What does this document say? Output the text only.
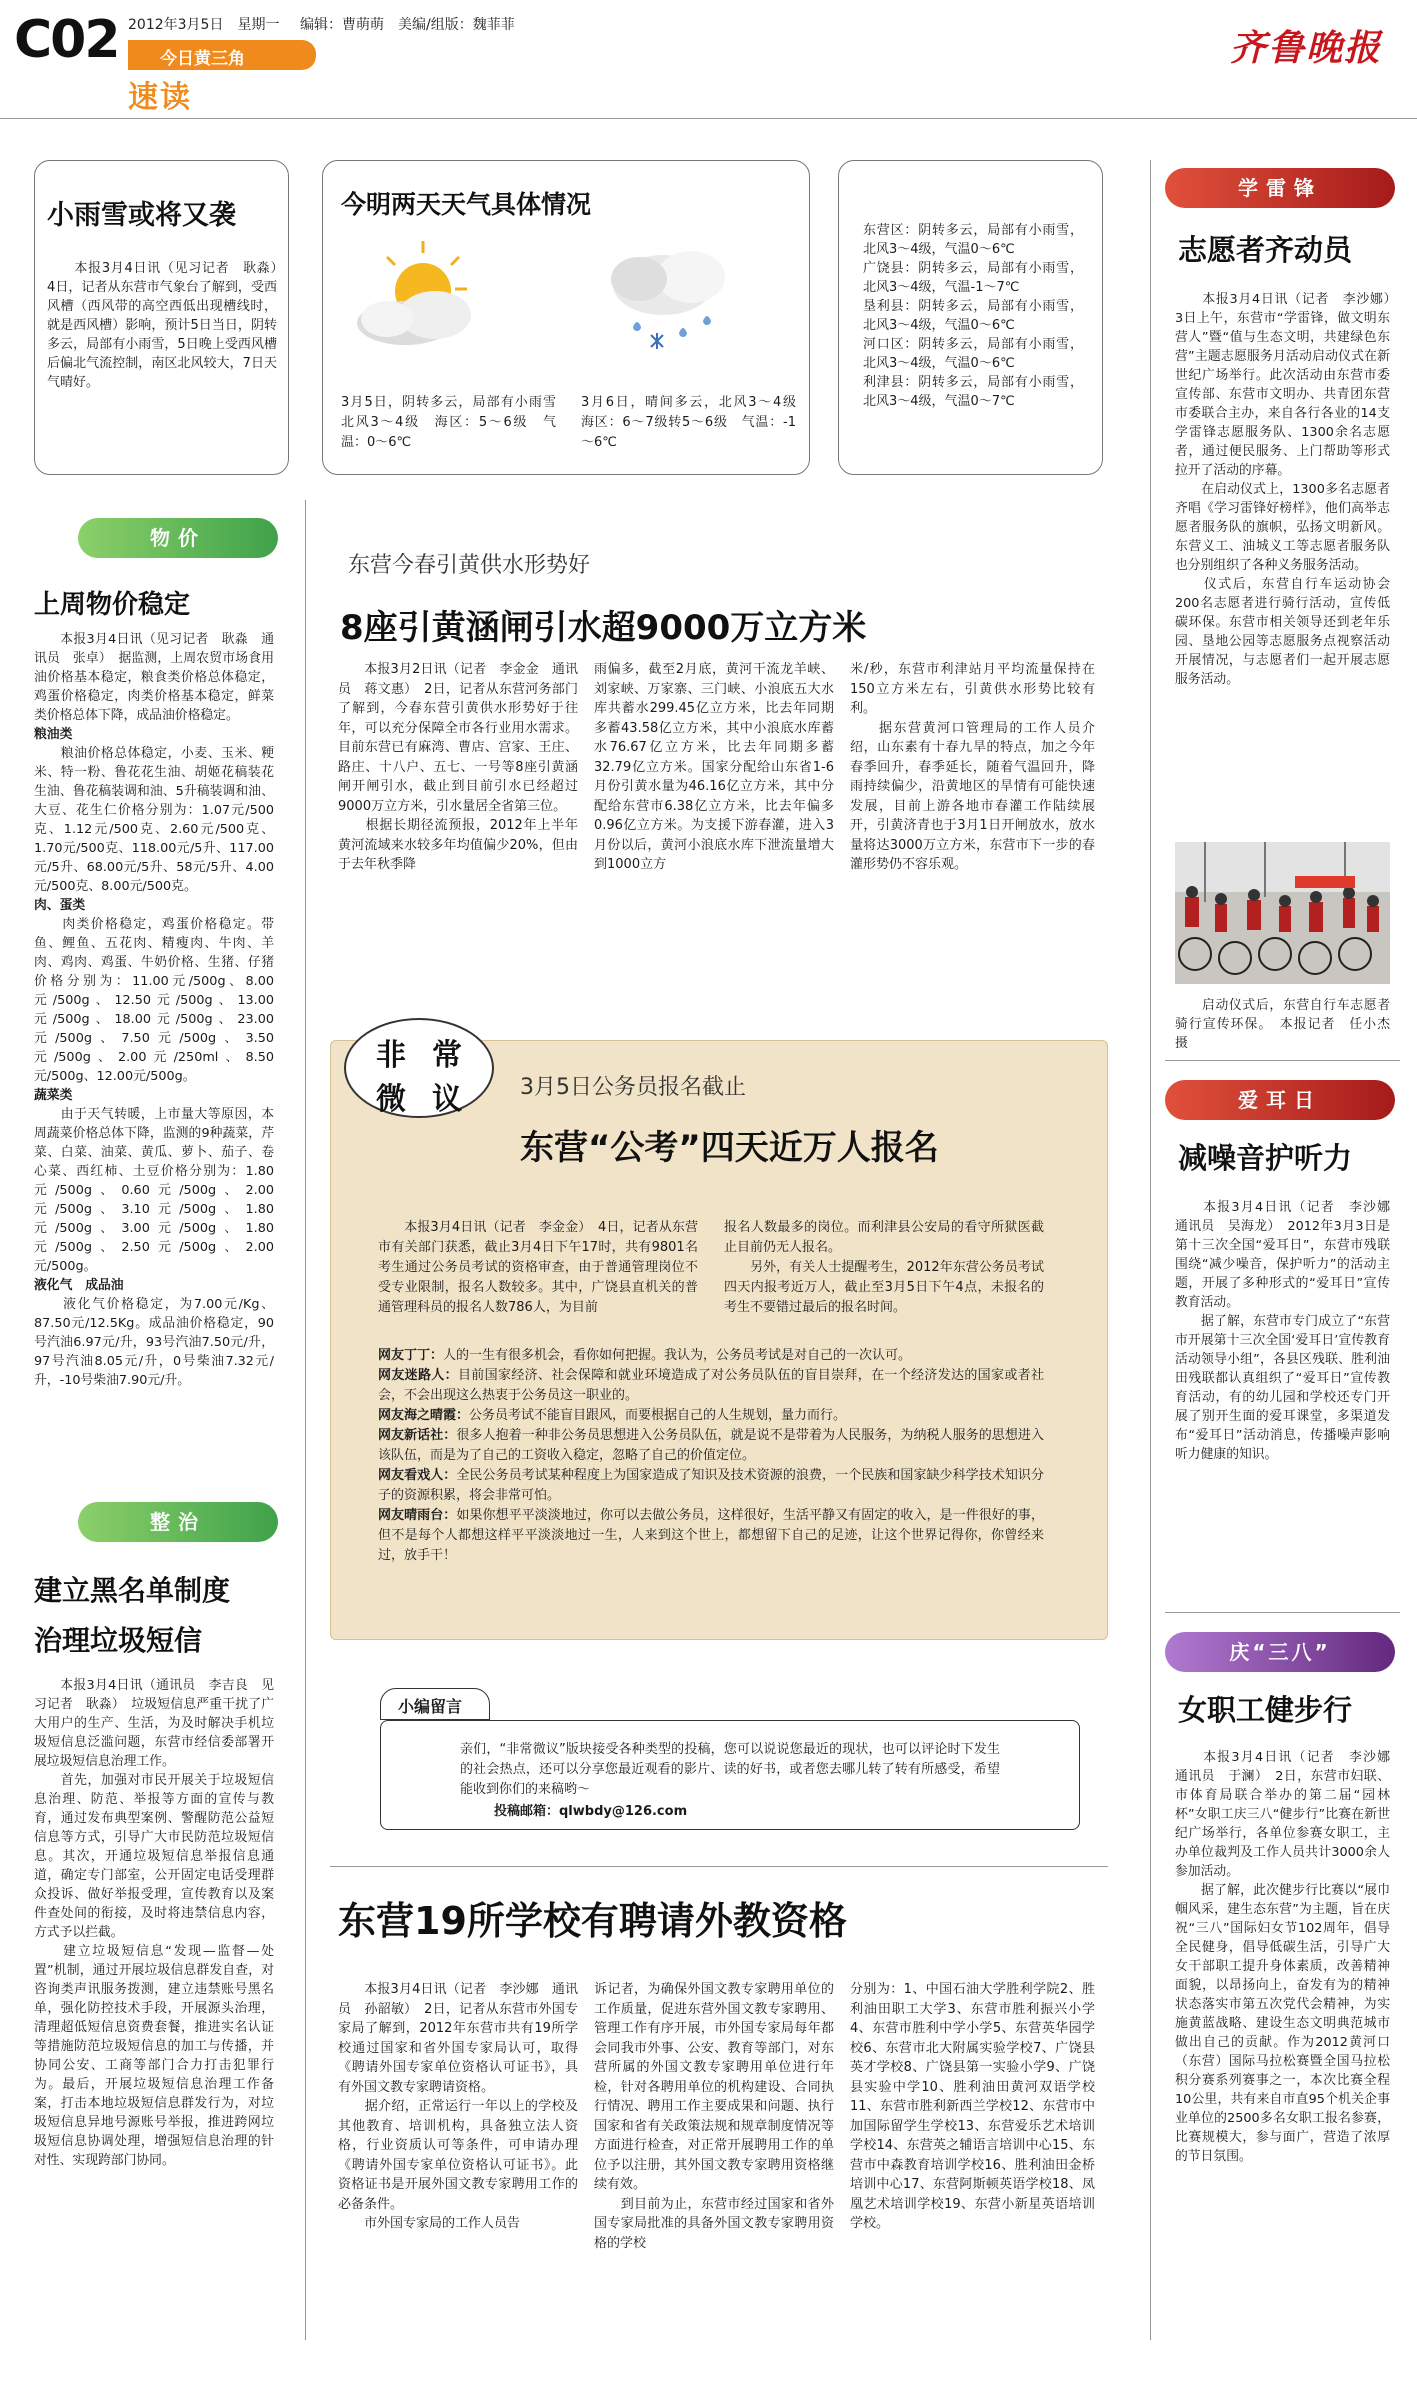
C02 2012年3月5日　星期一 编辑：曹萌萌　美编/组版：魏菲菲
今日黄三角
速读
齐鲁晚报
小雨雪或将又袭
　　本报3月4日讯（见习记者　耿淼）　4日，记者从东营市气象台了解到，受西风槽（西风带的高空西低出现槽线时，就是西风槽）影响，预计5日当日，阴转多云，局部有小雨雪，5日晚上受西风槽后偏北气流控制，南区北风较大，7日天气晴好。
今明两天天气具体情况
3月5日，阴转多云，局部有小雨雪　北风3～4级　海区：5～6级　气温：0～6℃
3月6日，晴间多云，北风3～4级　海区：6～7级转5～6级　气温：-1～6℃
东营区：阴转多云，局部有小雨雪，北风3～4级，气温0～6℃
广饶县：阴转多云，局部有小雨雪，北风3～4级，气温-1～7℃
垦利县：阴转多云，局部有小雨雪，北风3～4级，气温0～6℃
河口区：阴转多云，局部有小雨雪，北风3～4级，气温0～6℃
利津县：阴转多云，局部有小雨雪，北风3～4级，气温0～7℃
学雷锋
志愿者齐动员
　　本报3月4日讯（记者　李沙娜）　3日上午，东营市“学雷锋，做文明东营人”暨“值与生态文明，共建绿色东营”主题志愿服务月活动启动仪式在新世纪广场举行。此次活动由东营市委宣传部、东营市文明办、共青团东营市委联合主办，来自各行各业的14支学雷锋志愿服务队、1300余名志愿者，通过便民服务、上门帮助等形式拉开了活动的序幕。
　　在启动仪式上，1300多名志愿者齐唱《学习雷锋好榜样》，他们高举志愿者服务队的旗帜，弘扬文明新风。东营义工、油城义工等志愿者服务队也分别组织了各种义务服务活动。
　　仪式后，东营自行车运动协会200名志愿者进行骑行活动，宣传低碳环保。东营市相关领导还到老年乐园、垦地公园等志愿服务点视察活动开展情况，与志愿者们一起开展志愿服务活动。
　　启动仪式后，东营自行车志愿者骑行宣传环保。　本报记者　任小杰　摄
爱耳日
减噪音护听力
　　本报3月4日讯（记者　李沙娜　通讯员　吴海龙）　2012年3月3日是第十三次全国“爱耳日”，东营市残联围绕“减少噪音，保护听力”的活动主题，开展了多种形式的“爱耳日”宣传教育活动。
　　据了解，东营市专门成立了“东营市开展第十三次全国‘爱耳日’宣传教育活动领导小组”，各县区残联、胜利油田残联都认真组织了“爱耳日”宣传教育活动，有的幼儿园和学校还专门开展了别开生面的爱耳课堂，多渠道发布“爱耳日”活动消息，传播噪声影响听力健康的知识。
庆“三八”
女职工健步行
　　本报3月4日讯（记者　李沙娜　通讯员　于澜）　2日，东营市妇联、市体育局联合举办的第二届“园林杯”女职工庆三八“健步行”比赛在新世纪广场举行，各单位参赛女职工，主办单位裁判及工作人员共计3000余人参加活动。
　　据了解，此次健步行比赛以“展巾帼风采，建生态东营”为主题，旨在庆祝“三八”国际妇女节102周年，倡导全民健身，倡导低碳生活，引导广大女干部职工提升身体素质，改善精神面貌，以昂扬向上，奋发有为的精神状态落实市第五次党代会精神，为实施黄蓝战略、建设生态文明典范城市做出自己的贡献。作为2012黄河口（东营）国际马拉松赛暨全国马拉松积分赛系列赛事之一，本次比赛全程10公里，共有来自市直95个机关企事业单位的2500多名女职工报名参赛，比赛规模大，参与面广，营造了浓厚的节日氛围。
物价
上周物价稳定
　　本报3月4日讯（见习记者　耿淼　通讯员　张卓）　据监测，上周农贸市场食用油价格基本稳定，粮食类价格总体稳定，鸡蛋价格稳定，肉类价格基本稳定，鲜菜类价格总体下降，成品油价格稳定。
粮油类
　　粮油价格总体稳定，小麦、玉米、粳米、特一粉、鲁花花生油、胡姬花稿装花生油、鲁花稿装调和油、5升稿装调和油、大豆、花生仁价格分别为：1.07元/500克、1.12元/500克、2.60元/500克、1.70元/500克、118.00元/5升、117.00元/5升、68.00元/5升、58元/5升、4.00元/500克、8.00元/500克。
肉、蛋类
　　肉类价格稳定，鸡蛋价格稳定。带鱼、鲤鱼、五花肉、精瘦肉、牛肉、羊肉、鸡肉、鸡蛋、牛奶价格、生猪、仔猪价格分别为：11.00元/500g、8.00元/500g、12.50元/500g、13.00元/500g、18.00元/500g、23.00元/500g、7.50元/500g、3.50元/500g、2.00元/250ml、8.50元/500g、12.00元/500g。
蔬菜类
　　由于天气转暖，上市量大等原因，本周蔬菜价格总体下降，监测的9种蔬菜，芹菜、白菜、油菜、黄瓜、萝卜、茄子、卷心菜、西红柿、土豆价格分别为：1.80元/500g、0.60元/500g、2.00元/500g、3.10元/500g、1.80元/500g、3.00元/500g、1.80元/500g、2.50元/500g、2.00元/500g。
液化气　成品油
　　液化气价格稳定，为7.00元/Kg、87.50元/12.5Kg。成品油价格稳定，90号汽油6.97元/升，93号汽油7.50元/升，97号汽油8.05元/升，0号柴油7.32元/升，-10号柴油7.90元/升。
整治
建立黑名单制度
治理垃圾短信
　　本报3月4日讯（通讯员　李吉良　见习记者　耿淼）　垃圾短信息严重干扰了广大用户的生产、生活，为及时解决手机垃圾短信息泛滥问题，东营市经信委部署开展垃圾短信息治理工作。
　　首先，加强对市民开展关于垃圾短信息治理、防范、举报等方面的宣传与教育，通过发布典型案例、警醒防范公益短信息等方式，引导广大市民防范垃圾短信息。其次，开通垃圾短信息举报信息通道，确定专门部室，公开固定电话受理群众投诉、做好举报受理，宣传教育以及案件查处间的衔接，及时将违禁信息内容，方式予以拦截。
　　建立垃圾短信息“发现—监督—处置”机制，通过开展垃圾信息群发自查，对咨询类声讯服务拨测，建立违禁账号黑名单，强化防控技术手段，开展源头治理，清理超低短信息资费套餐，推进实名认证等措施防范垃圾短信息的加工与传播，并协同公安、工商等部门合力打击犯罪行为。最后，开展垃圾短信息治理工作备案，打击本地垃圾短信息群发行为，对垃圾短信息异地号源账号举报，推进跨网垃圾短信息协调处理，增强短信息治理的针对性、实现跨部门协同。
东营今春引黄供水形势好
8座引黄涵闸引水超9000万立方米
　　本报3月2日讯（记者　李金金　通讯员　蒋文惠）　2日，记者从东营河务部门了解到，今春东营引黄供水形势好于往年，可以充分保障全市各行业用水需求。目前东营已有麻湾、曹店、宫家、王庄、路庄、十八户、五七、一号等8座引黄涵闸开闸引水，截止到目前引水已经超过9000万立方米，引水量居全省第三位。
　　根据长期径流预报，2012年上半年黄河流域来水较多年均值偏少20%，但由于去年秋季降
雨偏多，截至2月底，黄河干流龙羊峡、刘家峡、万家寨、三门峡、小浪底五大水库共蓄水299.45亿立方米，比去年同期多蓄43.58亿立方米，其中小浪底水库蓄水76.67亿立方米，比去年同期多蓄32.79亿立方米。国家分配给山东省1-6月份引黄水量为46.16亿立方米，其中分配给东营市6.38亿立方米，比去年偏多0.96亿立方米。为支援下游春灌，进入3月份以后，黄河小浪底水库下泄流量增大到1000立方
米/秒，东营市利津站月平均流量保持在150立方米左右，引黄供水形势比较有利。
　　据东营黄河口管理局的工作人员介绍，山东素有十春九旱的特点，加之今年春季回升，春季延长，随着气温回升，降雨持续偏少，沿黄地区的旱情有可能快速发展，目前上游各地市春灌工作陆续展开，引黄济青也于3月1日开闸放水，放水量将达3000万立方米，东营市下一步的春灌形势仍不容乐观。
非 常
微 议	3月5日公务员报名截止
东营“公考”四天近万人报名
　　本报3月4日讯（记者　李金金）　4日，记者从东营市有关部门获悉，截止3月4日下午17时，共有9801名考生通过公务员考试的资格审查，由于普通管理岗位不受专业限制，报名人数较多。其中，广饶县直机关的普通管理科员的报名人数786人，为目前
报名人数最多的岗位。而利津县公安局的看守所狱医截止目前仍无人报名。
　　另外，有关人士提醒考生，2012年东营公务员考试四天内报考近万人，截止至3月5日下午4点，未报名的考生不要错过最后的报名时间。
网友丁丁：人的一生有很多机会，看你如何把握。我认为，公务员考试是对自己的一次认可。
网友迷路人：目前国家经济、社会保障和就业环境造成了对公务员队伍的盲目崇拜，在一个经济发达的国家或者社会，不会出现这么热衷于公务员这一职业的。
网友海之晴霞：公务员考试不能盲目跟风，而要根据自己的人生规划，量力而行。
网友新话社：很多人抱着一种非公务员思想进入公务员队伍，就是说不是带着为人民服务，为纳税人服务的思想进入该队伍，而是为了自己的工资收入稳定，忽略了自己的价值定位。
网友看戏人：全民公务员考试某种程度上为国家造成了知识及技术资源的浪费，一个民族和国家缺少科学技术知识分子的资源积累，将会非常可怕。
网友晴雨台：如果你想平平淡淡地过，你可以去做公务员，这样很好，生活平静又有固定的收入，是一件很好的事，但不是每个人都想这样平平淡淡地过一生，人来到这个世上，都想留下自己的足迹，让这个世界记得你，你曾经来过，放手干！
小编留言
亲们，“非常微议”版块接受各种类型的投稿，您可以说说您最近的现状，也可以评论时下发生的社会热点，还可以分享您最近观看的影片、读的好书，或者您去哪儿转了转有所感受，希望能收到你们的来稿哟～
投稿邮箱：qlwbdy@126.com
东营19所学校有聘请外教资格
　　本报3月4日讯（记者　李沙娜　通讯员　孙韶敏）　2日，记者从东营市外国专家局了解到，2012年东营市共有19所学校通过国家和省外国专家局认可，取得《聘请外国专家单位资格认可证书》，具有外国文教专家聘请资格。
　　据介绍，正常运行一年以上的学校及其他教育、培训机构，具备独立法人资格，行业资质认可等条件，可申请办理《聘请外国专家单位资格认可证书》。此资格证书是开展外国文教专家聘用工作的必备条件。
　　市外国专家局的工作人员告
诉记者，为确保外国文教专家聘用单位的工作质量，促进东营外国文教专家聘用、管理工作有序开展，市外国专家局每年都会同我市外事、公安、教育等部门，对东营所属的外国文教专家聘用单位进行年检，针对各聘用单位的机构建设、合同执行情况、聘用工作主要成果和问题、执行国家和省有关政策法规和规章制度情况等方面进行检查，对正常开展聘用工作的单位予以注册，其外国文教专家聘用资格继续有效。
　　到目前为止，东营市经过国家和省外国专家局批准的具备外国文教专家聘用资格的学校
分别为：1、中国石油大学胜利学院2、胜利油田职工大学3、东营市胜利振兴小学4、东营市胜利中学小学5、东营英华园学校6、东营市北大附属实验学校7、广饶县英才学校8、广饶县第一实验小学9、广饶县实验中学10、胜利油田黄河双语学校11、东营市胜利新西兰学校12、东营市中加国际留学生学校13、东营爱乐艺术培训学校14、东营英之辅语言培训中心15、东营市中森教育培训学校16、胜利油田金桥培训中心17、东营阿斯顿英语学校18、凤凰艺术培训学校19、东营小新星英语培训学校。
